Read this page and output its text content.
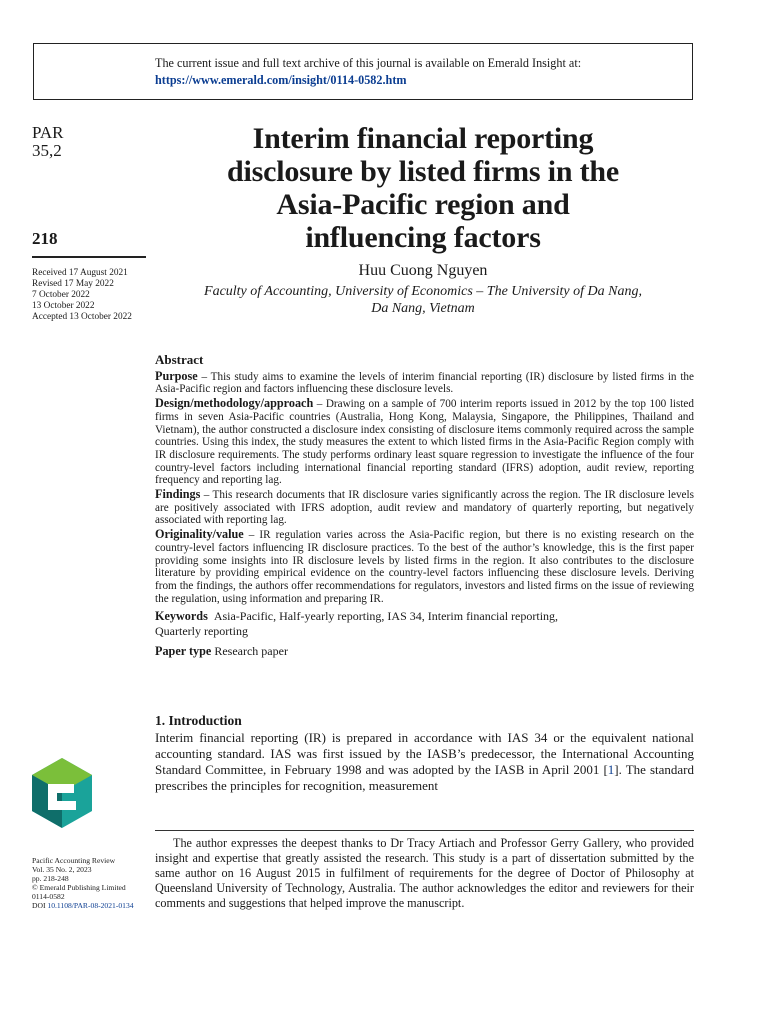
The current issue and full text archive of this journal is available on Emerald Insight at:
https://www.emerald.com/insight/0114-0582.htm
PAR
35,2
218
Received 17 August 2021
Revised 17 May 2022
7 October 2022
13 October 2022
Accepted 13 October 2022
Interim financial reporting
disclosure by listed firms in the
Asia-Pacific region and
influencing factors
Huu Cuong Nguyen
Faculty of Accounting, University of Economics – The University of Da Nang,
Da Nang, Vietnam
Abstract

Purpose – This study aims to examine the levels of interim financial reporting (IR) disclosure by listed firms in the Asia-Pacific region and factors influencing these disclosure levels.

Design/methodology/approach – Drawing on a sample of 700 interim reports issued in 2012 by the top 100 listed firms in seven Asia-Pacific countries (Australia, Hong Kong, Malaysia, Singapore, the Philippines, Thailand and Vietnam), the author constructed a disclosure index consisting of disclosure items commonly required across the sample countries. Using this index, the study measures the extent to which listed firms in the Asia-Pacific Region comply with IR disclosure requirements. The study performs ordinary least square regression to investigate the influence of the four country-level factors including international financial reporting standard (IFRS) adoption, audit review, reporting frequency and reporting lag.

Findings – This research documents that IR disclosure varies significantly across the region. The IR disclosure levels are positively associated with IFRS adoption, audit review and mandatory of quarterly reporting, but negatively associated with reporting lag.

Originality/value – IR regulation varies across the Asia-Pacific region, but there is no existing research on the country-level factors influencing IR disclosure practices. To the best of the author’s knowledge, this is the first paper providing some insights into IR disclosure levels by listed firms in the region. It also contributes to the disclosure literature by providing empirical evidence on the country-level factors influencing these disclosure levels. Deriving from the findings, the authors offer recommendations for regulators, investors and listed firms on the issue of reviewing the regulation, using information and preparing IR.

Keywords Asia-Pacific, Half-yearly reporting, IAS 34, Interim financial reporting,
Quarterly reporting

Paper type Research paper

1. Introduction
Interim financial reporting (IR) is prepared in accordance with IAS 34 or the equivalent national accounting standard. IAS was first issued by the IASB’s predecessor, the International Accounting Standard Committee, in February 1998 and was adopted by the IASB in April 2001 [1]. The standard prescribes the principles for recognition, measurement
The author expresses the deepest thanks to Dr Tracy Artiach and Professor Gerry Gallery, who provided insight and expertise that greatly assisted the research. This study is a part of dissertation submitted by the same author on 16 August 2015 in fulfilment of requirements for the degree of Doctor of Philosophy at Queensland University of Technology, Australia. The author acknowledges the editor and reviewers for their comments and suggestions that helped improve the manuscript.
Pacific Accounting Review
Vol. 35 No. 2, 2023
pp. 218-248
© Emerald Publishing Limited
0114-0582
DOI 10.1108/PAR-08-2021-0134
